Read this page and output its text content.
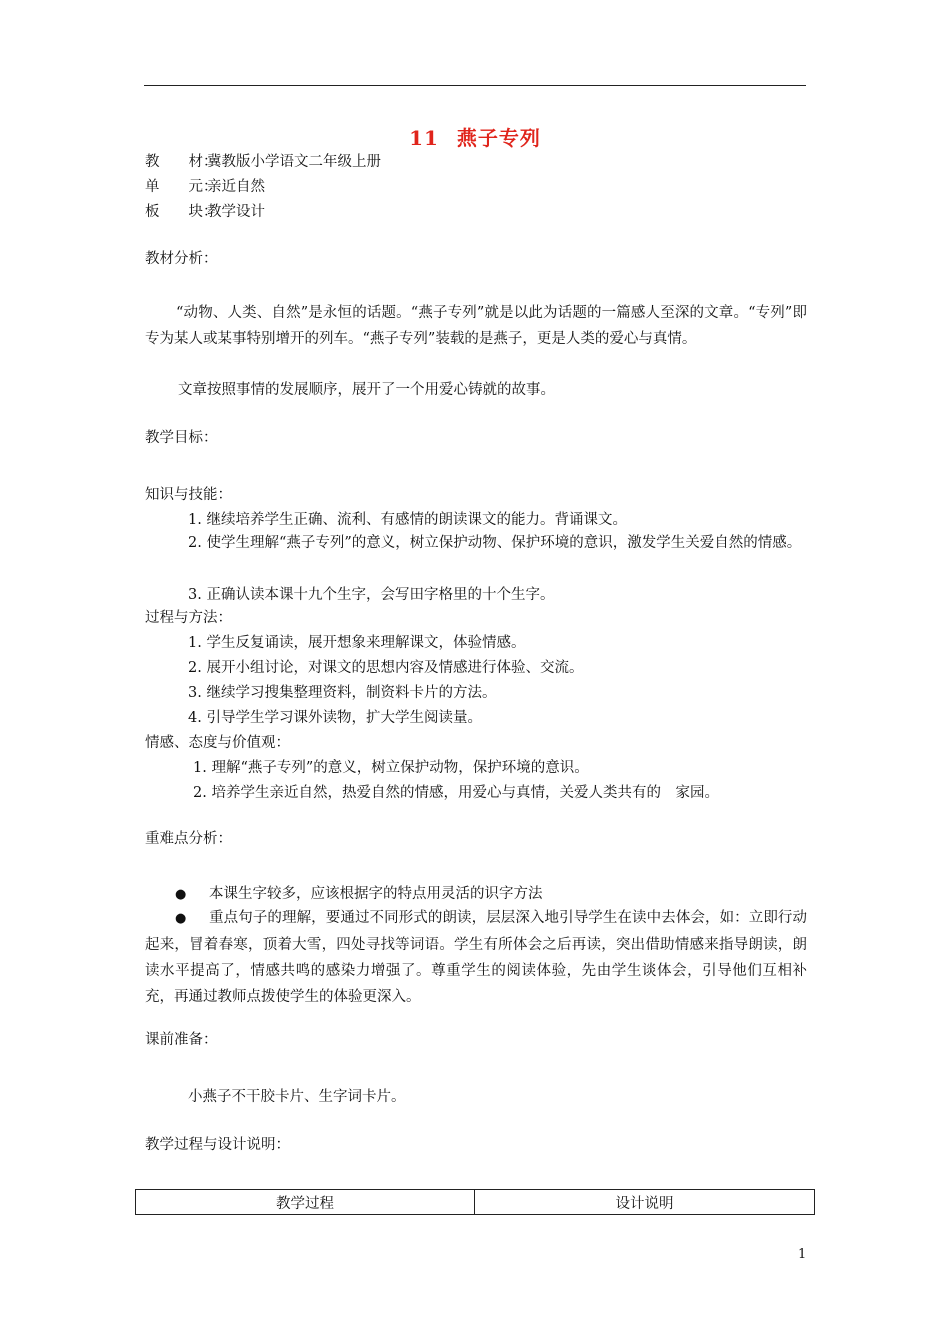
11 燕子专列
教　　材：冀教版小学语文二年级上册
单　　元：亲近自然
板　　块：教学设计
教材分析：
“动物、人类、自然”是永恒的话题。“燕子专列”就是以此为话题的一篇感人至深的文章。“专列”即专为某人或某事特别增开的列车。“燕子专列”装载的是燕子，更是人类的爱心与真情。
文章按照事情的发展顺序，展开了一个用爱心铸就的故事。
教学目标：
知识与技能：
1. 继续培养学生正确、流利、有感情的朗读课文的能力。背诵课文。
2. 使学生理解“燕子专列”的意义，树立保护动物、保护环境的意识，激发学生关爱自然的情感。
3. 正确认读本课十九个生字，会写田字格里的十个生字。
过程与方法：
1. 学生反复诵读，展开想象来理解课文，体验情感。
2. 展开小组讨论，对课文的思想内容及情感进行体验、交流。
3. 继续学习搜集整理资料，制资料卡片的方法。
4. 引导学生学习课外读物，扩大学生阅读量。
情感、态度与价值观：
1. 理解“燕子专列”的意义，树立保护动物，保护环境的意识。
2. 培养学生亲近自然，热爱自然的情感，用爱心与真情，关爱人类共有的　家园。
重难点分析：
● 本课生字较多，应该根据字的特点用灵活的识字方法
● 重点句子的理解，要通过不同形式的朗读，层层深入地引导学生在读中去体会，如：立即行动起来，冒着春寒，顶着大雪，四处寻找等词语。学生有所体会之后再读，突出借助情感来指导朗读，朗读水平提高了，情感共鸣的感染力增强了。尊重学生的阅读体验，先由学生谈体会，引导他们互相补充，再通过教师点拨使学生的体验更深入。
课前准备：
小燕子不干胶卡片、生字词卡片。
教学过程与设计说明：
教学过程	设计说明
1
